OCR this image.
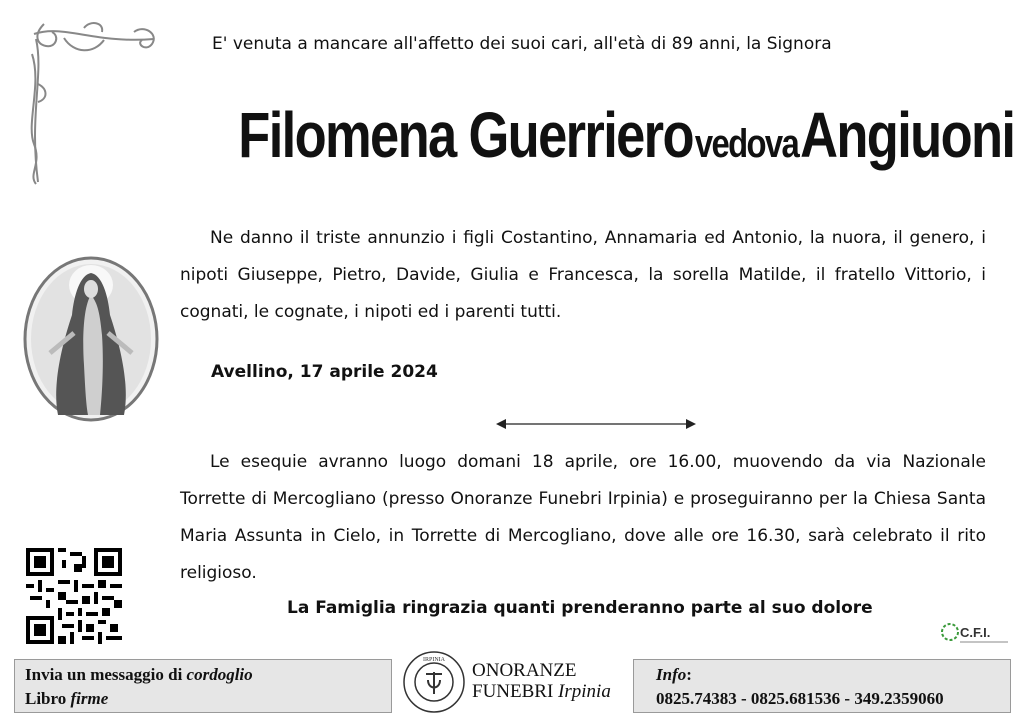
E' venuta a mancare all'affetto dei suoi cari, all'età di 89 anni, la Signora
Filomena Guerriero vedova Angiuoni
Ne danno il triste annunzio i figli Costantino, Annamaria ed Antonio, la nuora, il genero, i nipoti Giuseppe, Pietro, Davide, Giulia e Francesca, la sorella Matilde, il fratello Vittorio, i cognati, le cognate, i nipoti ed i parenti tutti.
Avellino, 17 aprile 2024
Le esequie avranno luogo domani 18 aprile, ore 16.00, muovendo da via Nazionale Torrette di Mercogliano (presso Onoranze Funebri Irpinia) e proseguiranno per la Chiesa Santa Maria Assunta in Cielo, in Torrette di Mercogliano, dove alle ore 16.30, sarà celebrato il rito religioso.
La Famiglia ringrazia quanti prenderanno parte al suo dolore
C.F.I.
Invia un messaggio di cordoglio
Libro firme
IRPINIA ONORANZE
FUNEBRI Irpinia
Info:
0825.74383 - 0825.681536 - 349.2359060
